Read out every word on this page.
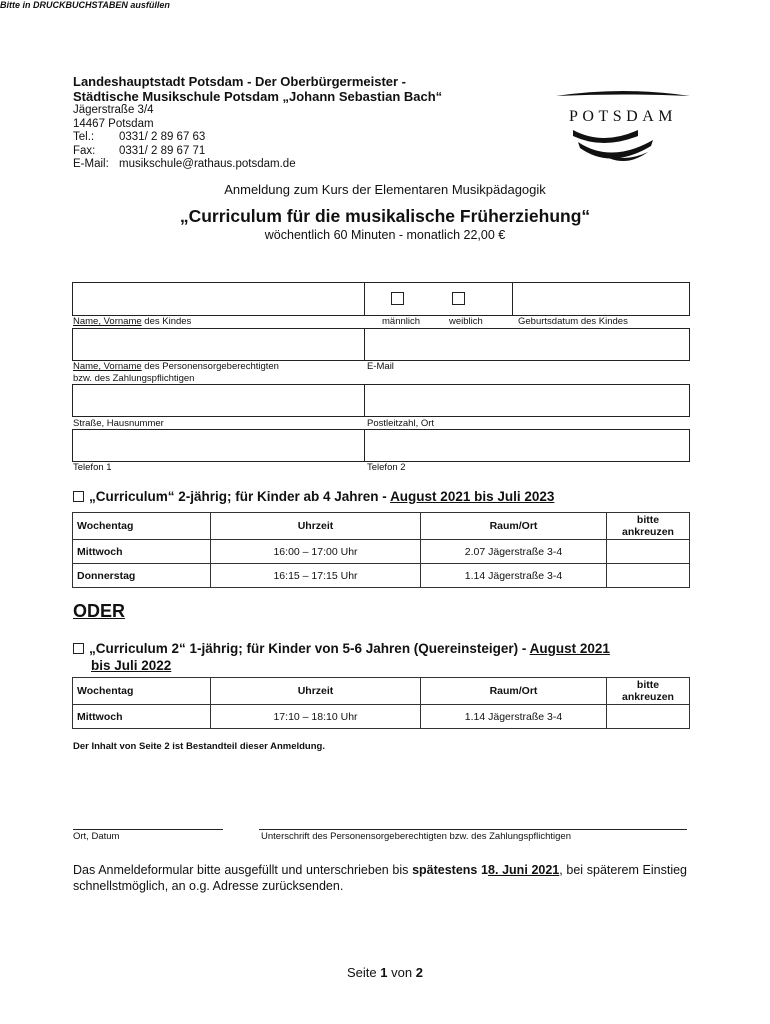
Landeshauptstadt Potsdam - Der Oberbürgermeister -
Städtische Musikschule Potsdam „Johann Sebastian Bach“
Jägerstraße 3/4
14467 Potsdam
Tel.:	0331/ 2 89 67 63
Fax:	0331/ 2 89 67 71
E-Mail: musikschule@rathaus.potsdam.de
POTSDAM
Anmeldung zum Kurs der Elementaren Musikpädagogik
„Curriculum für die musikalische Früherziehung“
wöchentlich 60 Minuten - monatlich 22,00 €
Bitte in DRUCKBUCHSTABEN ausfüllen
Name, Vorname des Kindes	männlich	weiblich	Geburtsdatum des Kindes
Name, Vorname des Personensorgeberechtigten
bzw. des Zahlungspflichtigen
E-Mail
Straße, Hausnummer	Postleitzahl, Ort
Telefon 1	Telefon 2
„Curriculum“ 2-jährig; für Kinder ab 4 Jahren - August 2021 bis Juli 2023
Wochentag	Uhrzeit	Raum/Ort	bitte ankreuzen
Mittwoch	16:00 – 17:00 Uhr	2.07 Jägerstraße 3-4	
Donnerstag	16:15 – 17:15 Uhr	1.14 Jägerstraße 3-4	
ODER
„Curriculum 2“ 1-jährig; für Kinder von 5-6 Jahren (Quereinsteiger) - August 2021
bis Juli 2022
Wochentag	Uhrzeit	Raum/Ort	bitte ankreuzen
Mittwoch	17:10 – 18:10 Uhr	1.14 Jägerstraße 3-4	
Der Inhalt von Seite 2 ist Bestandteil dieser Anmeldung.
Ort, Datum	Unterschrift des Personensorgeberechtigten bzw. des Zahlungspflichtigen
Das Anmeldeformular bitte ausgefüllt und unterschrieben bis spätestens 18. Juni 2021, bei späterem Einstieg schnellstmöglich, an o.g. Adresse zurücksenden.
Seite 1 von 2
